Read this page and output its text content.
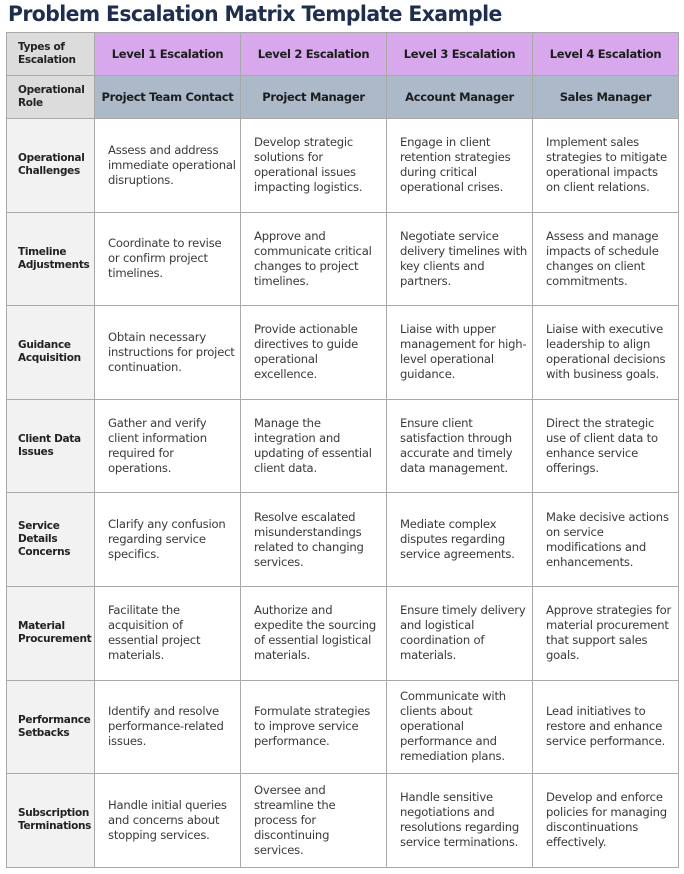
Problem Escalation Matrix Template Example
Types of Escalation	Level 1 Escalation	Level 2 Escalation	Level 3 Escalation	Level 4 Escalation
Operational Role	Project Team Contact	Project Manager	Account Manager	Sales Manager
Operational Challenges	Assess and address immediate operational disruptions.	Develop strategic solutions for operational issues impacting logistics.	Engage in client retention strategies during critical operational crises.	Implement sales strategies to mitigate operational impacts on client relations.
Timeline Adjustments	Coordinate to revise or confirm project timelines.	Approve and communicate critical changes to project timelines.	Negotiate service delivery timelines with key clients and partners.	Assess and manage impacts of schedule changes on client commitments.
Guidance Acquisition	Obtain necessary instructions for project continuation.	Provide actionable directives to guide operational excellence.	Liaise with upper management for high-level operational guidance.	Liaise with executive leadership to align operational decisions with business goals.
Client Data Issues	Gather and verify client information required for operations.	Manage the integration and updating of essential client data.	Ensure client satisfaction through accurate and timely data management.	Direct the strategic use of client data to enhance service offerings.
Service Details Concerns	Clarify any confusion regarding service specifics.	Resolve escalated misunderstandings related to changing services.	Mediate complex disputes regarding service agreements.	Make decisive actions on service modifications and enhancements.
Material Procurement	Facilitate the acquisition of essential project materials.	Authorize and expedite the sourcing of essential logistical materials.	Ensure timely delivery and logistical coordination of materials.	Approve strategies for material procurement that support sales goals.
Performance Setbacks	Identify and resolve performance-related issues.	Formulate strategies to improve service performance.	Communicate with clients about operational performance and remediation plans.	Lead initiatives to restore and enhance service performance.
Subscription Terminations	Handle initial queries and concerns about stopping services.	Oversee and streamline the process for discontinuing services.	Handle sensitive negotiations and resolutions regarding service terminations.	Develop and enforce policies for managing discontinuations effectively.
